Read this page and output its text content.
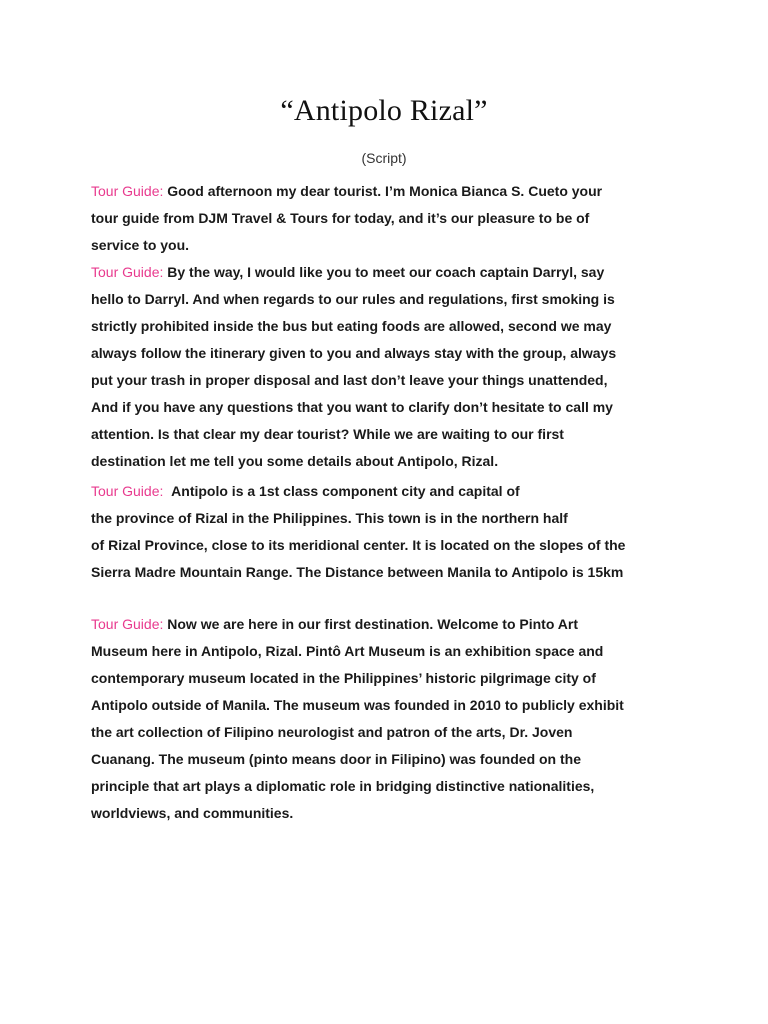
“Antipolo Rizal”
(Script)
Tour Guide: Good afternoon my dear tourist. I’m Monica Bianca S. Cueto your
tour guide from DJM Travel & Tours for today, and it’s our pleasure to be of
service to you.
Tour Guide: By the way, I would like you to meet our coach captain Darryl, say
hello to Darryl. And when regards to our rules and regulations, first smoking is
strictly prohibited inside the bus but eating foods are allowed, second we may
always follow the itinerary given to you and always stay with the group, always
put your trash in proper disposal and last don’t leave your things unattended,
And if you have any questions that you want to clarify don’t hesitate to call my
attention. Is that clear my dear tourist? While we are waiting to our first
destination let me tell you some details about Antipolo, Rizal.
Tour Guide: Antipolo is a 1st class component city and capital of
the province of Rizal in the Philippines. This town is in the northern half
of Rizal Province, close to its meridional center. It is located on the slopes of the
Sierra Madre Mountain Range. The Distance between Manila to Antipolo is 15km
Tour Guide: Now we are here in our first destination. Welcome to Pinto Art
Museum here in Antipolo, Rizal. Pintô Art Museum is an exhibition space and
contemporary museum located in the Philippines’ historic pilgrimage city of
Antipolo outside of Manila. The museum was founded in 2010 to publicly exhibit
the art collection of Filipino neurologist and patron of the arts, Dr. Joven
Cuanang. The museum (pinto means door in Filipino) was founded on the
principle that art plays a diplomatic role in bridging distinctive nationalities,
worldviews, and communities.
